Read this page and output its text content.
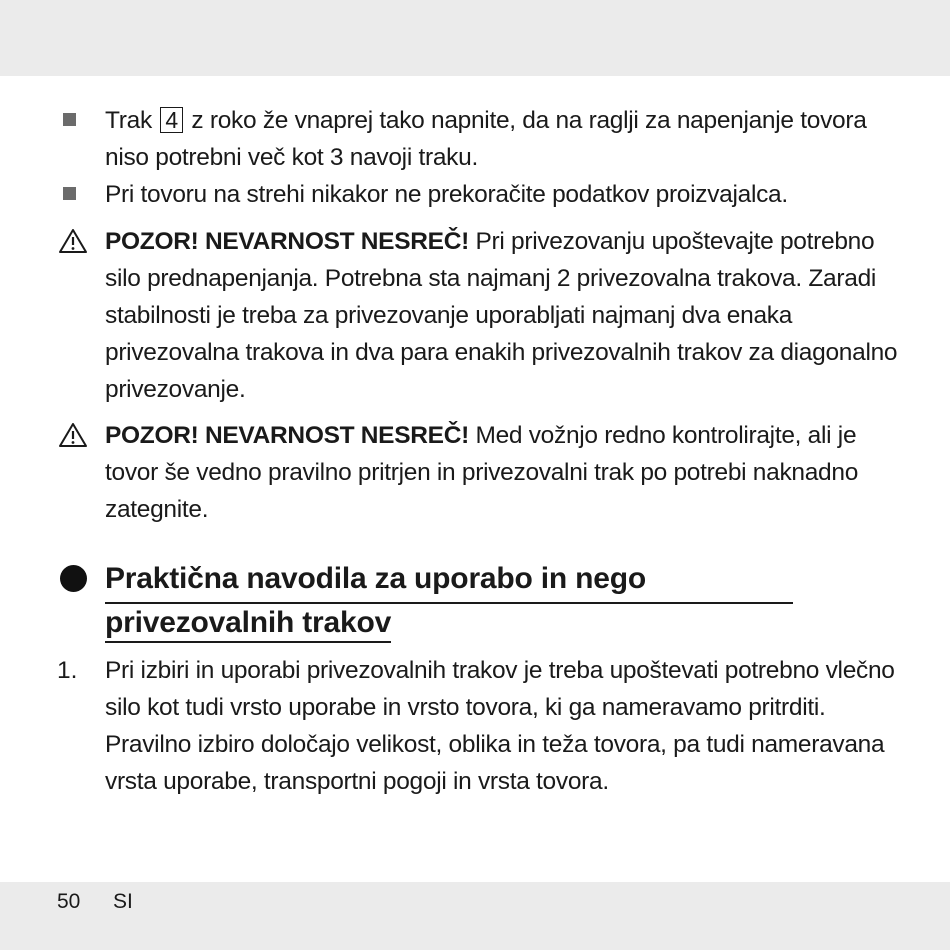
Trak 4 z roko že vnaprej tako napnite, da na raglji za napenjanje tovora niso potrebni več kot 3 navoji traku.
Pri tovoru na strehi nikakor ne prekoračite podatkov proizvajalca.
POZOR! NEVARNOST NESREČ! Pri privezovanju upoštevajte potrebno silo prednapenjanja. Potrebna sta najmanj 2 privezovalna trakova. Zaradi stabilnosti je treba za privezovanje uporabljati najmanj dva enaka privezovalna trakova in dva para enakih privezovalnih trakov za diagonalno privezovanje.
POZOR! NEVARNOST NESREČ! Med vožnjo redno kontrolirajte, ali je tovor še vedno pravilno pritrjen in privezovalni trak po potrebi naknadno zategnite.
Praktična navodila za uporabo in nego
privezovalnih trakov
1. Pri izbiri in uporabi privezovalnih trakov je treba upoštevati potrebno vlečno silo kot tudi vrsto uporabe in vrsto tovora, ki ga nameravamo pritrditi. Pravilno izbiro določajo velikost, oblika in teža tovora, pa tudi nameravana vrsta uporabe, transportni pogoji in vrsta tovora.
50 SI
